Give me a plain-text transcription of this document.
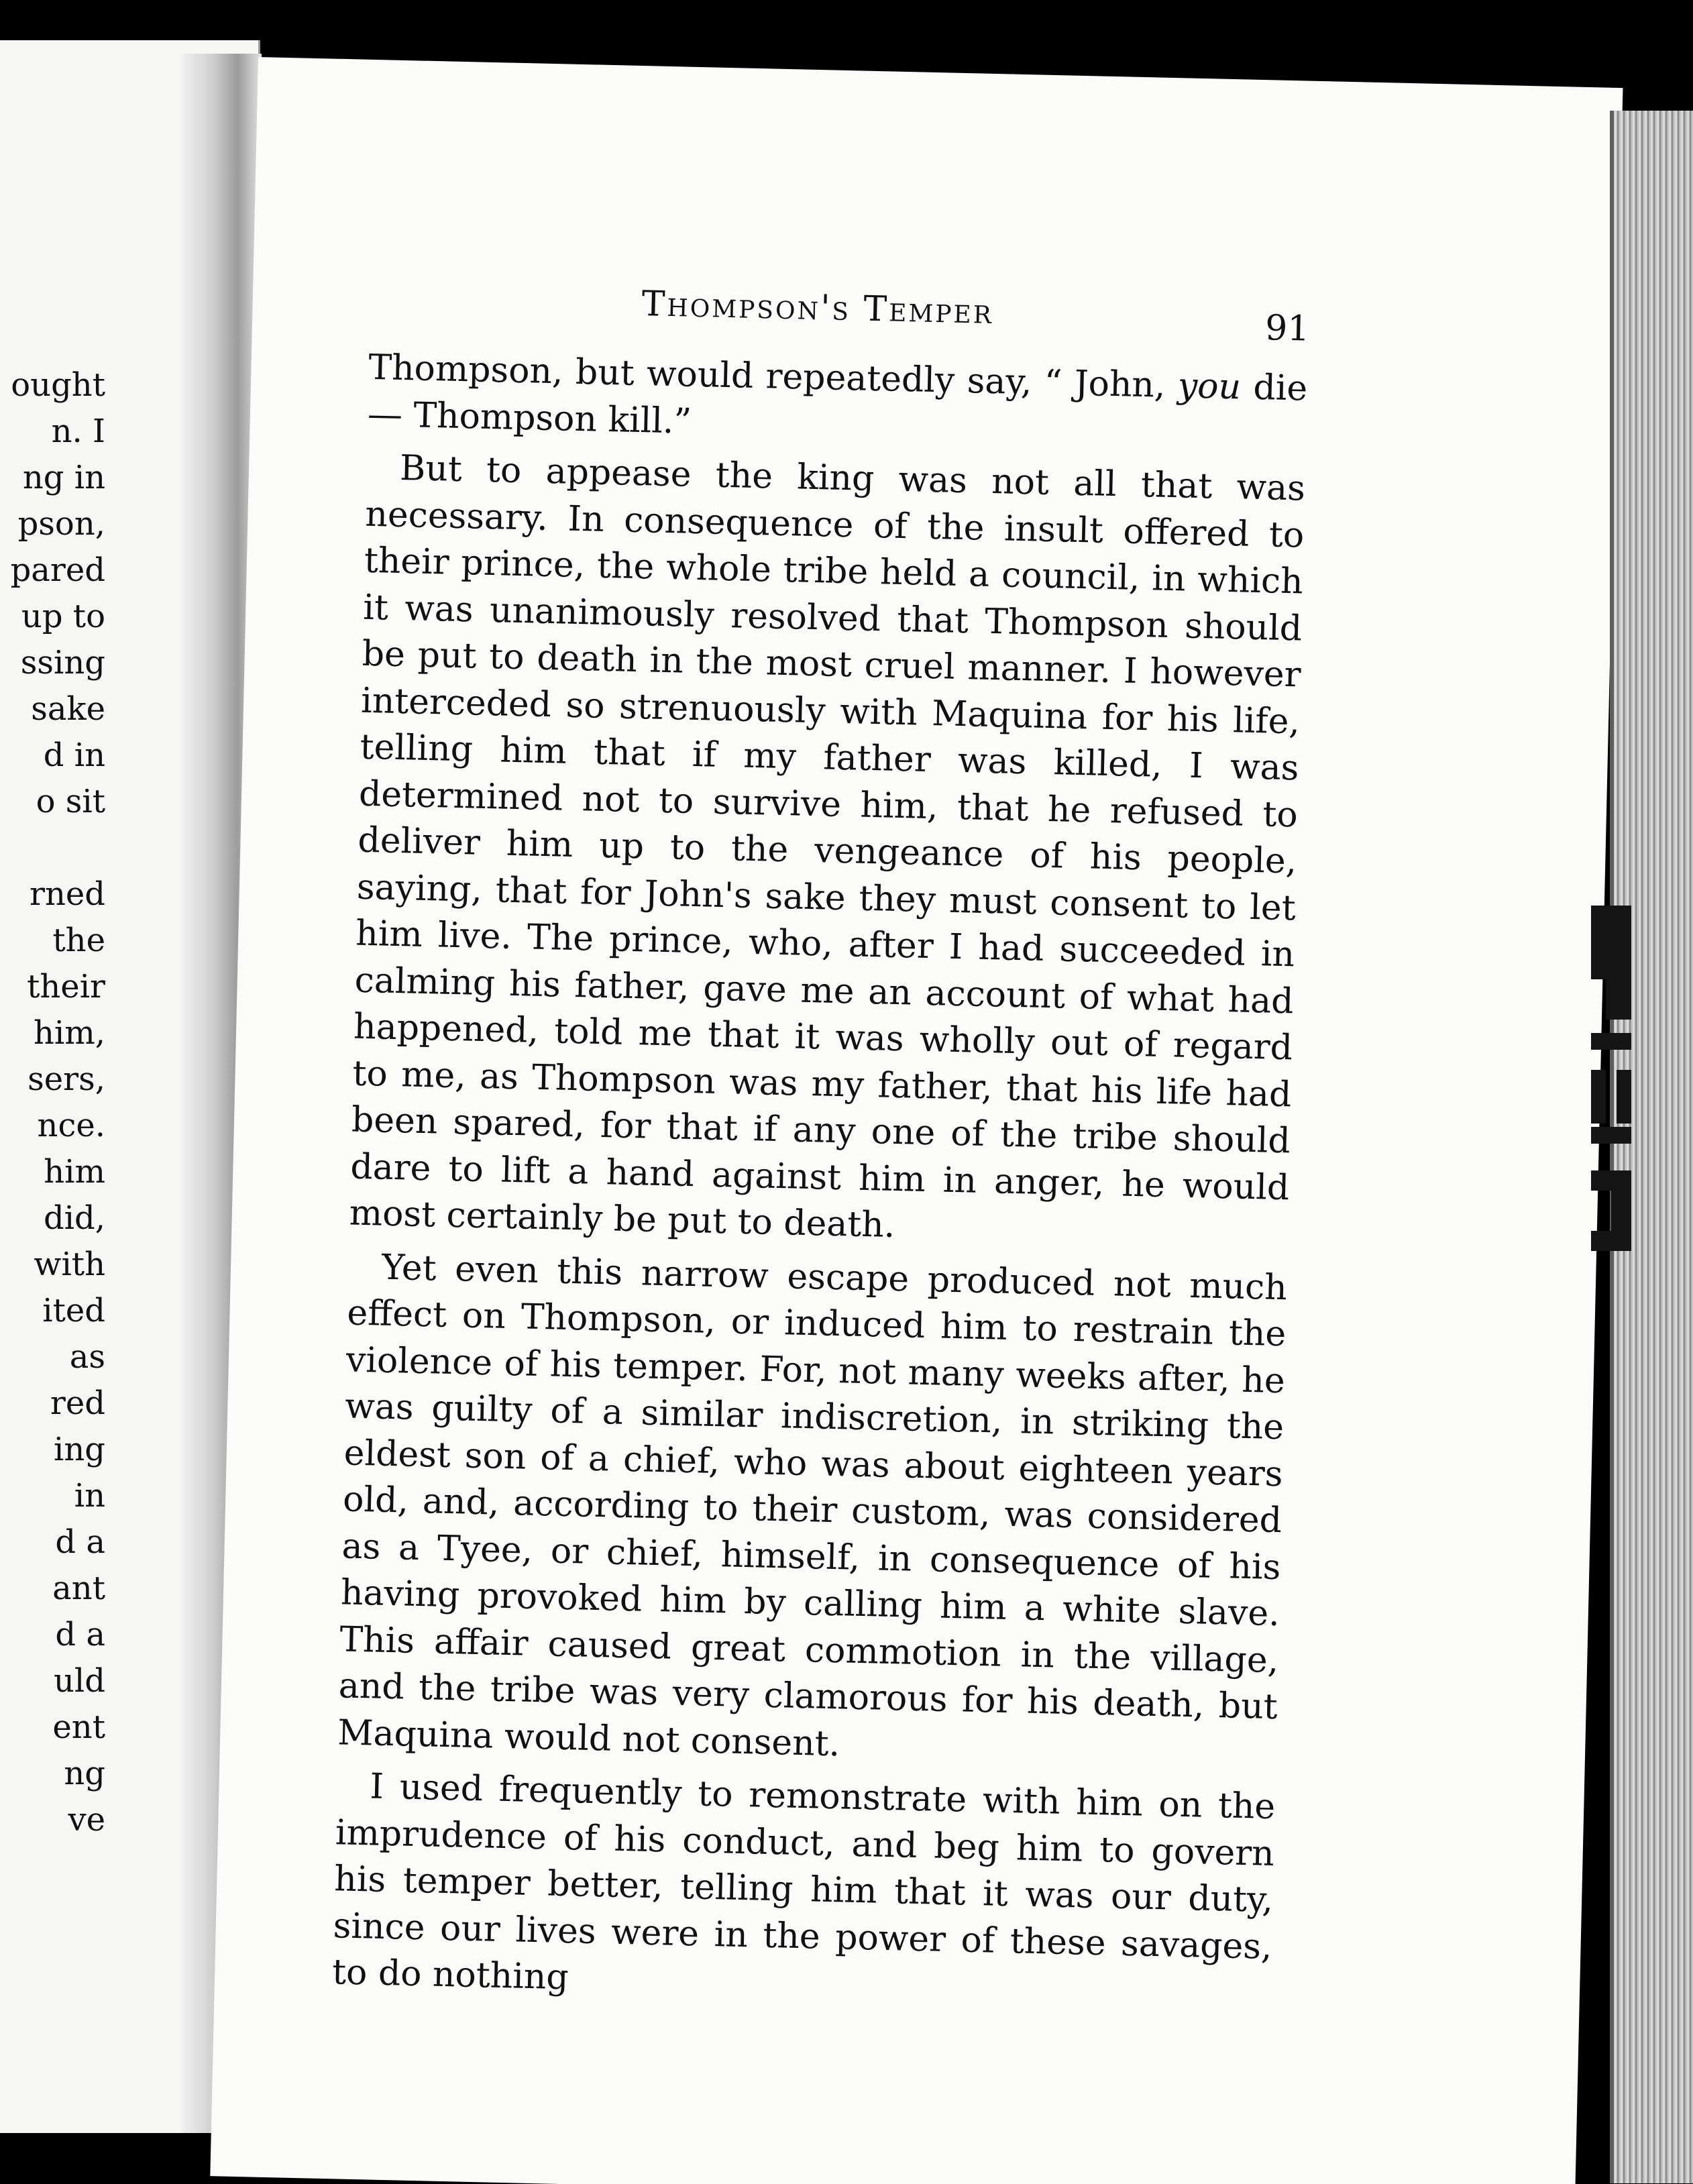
ought
n. I
ng in
pson,
pared
up to
ssing
sake
d in
o sit
rned
the
their
him,
sers,
nce.
him
did,
with
ited
as
red
ing
in
d a
ant
d a
uld
ent
ng
ve
Thompson's Temper	91

Thompson, but would repeatedly say, “ John, you die— Thompson kill.”

But to appease the king was not all that was necessary. In consequence of the insult offered to their prince, the whole tribe held a council, in which it was unanimously resolved that Thompson should be put to death in the most cruel manner. I however interceded so strenuously with Maquina for his life, telling him that if my father was killed, I was determined not to survive him, that he refused to deliver him up to the vengeance of his people, saying, that for John's sake they must consent to let him live. The prince, who, after I had succeeded in calming his father, gave me an account of what had happened, told me that it was wholly out of regard to me, as Thompson was my father, that his life had been spared, for that if any one of the tribe should dare to lift a hand against him in anger, he would most certainly be put to death.

Yet even this narrow escape produced not much effect on Thompson, or induced him to restrain the violence of his temper. For, not many weeks after, he was guilty of a similar indiscretion, in striking the eldest son of a chief, who was about eighteen years old, and, according to their custom, was considered as a Tyee, or chief, himself, in consequence of his having provoked him by calling him a white slave. This affair caused great commotion in the village, and the tribe was very clamorous for his death, but Maquina would not consent.

I used frequently to remonstrate with him on the imprudence of his conduct, and beg him to govern his temper better, telling him that it was our duty, since our lives were in the power of these savages, to do nothing
